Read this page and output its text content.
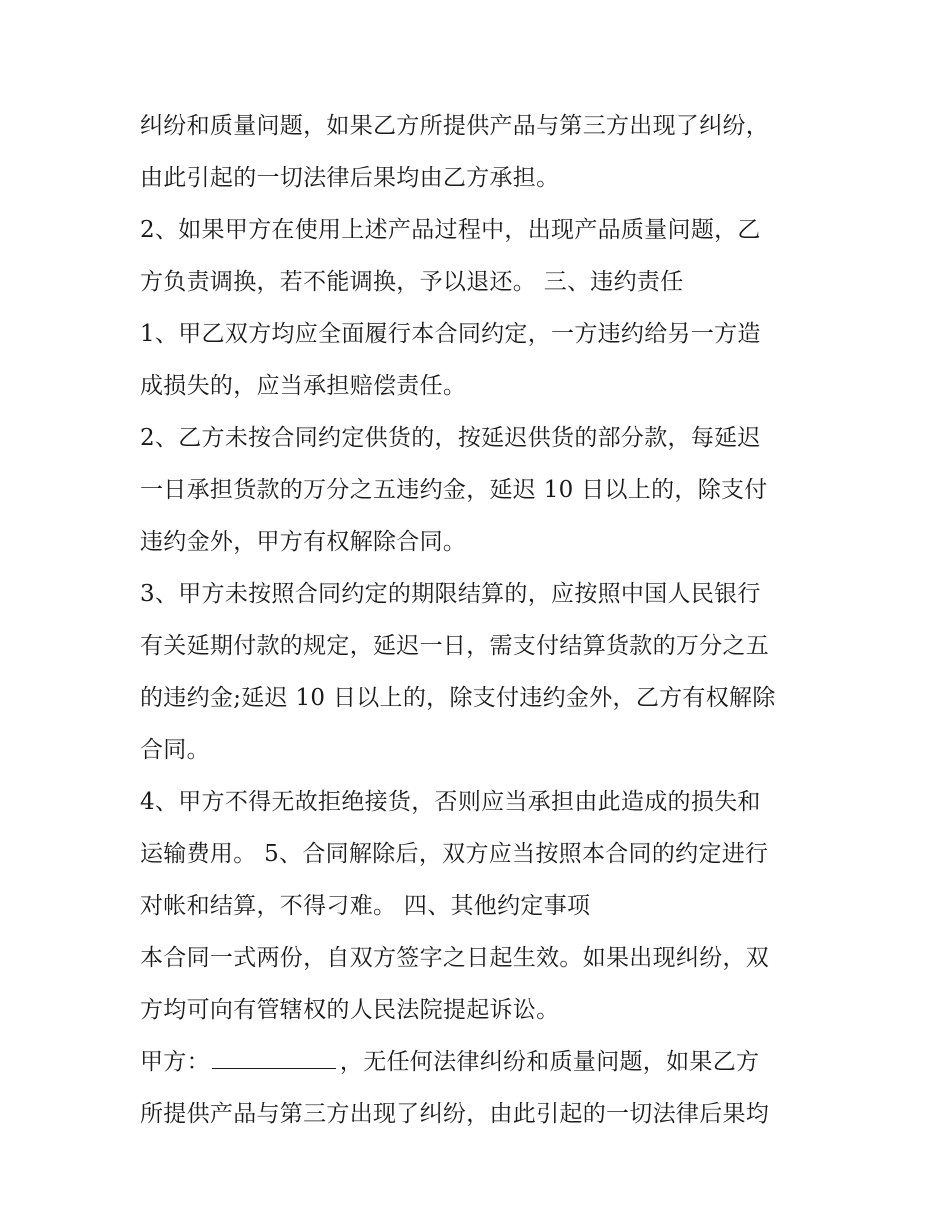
纠纷和质量问题，如果乙方所提供产品与第三方出现了纠纷，
由此引起的一切法律后果均由乙方承担。
2、如果甲方在使用上述产品过程中，出现产品质量问题，乙
方负责调换，若不能调换，予以退还。 三、违约责任
1、甲乙双方均应全面履行本合同约定，一方违约给另一方造
成损失的，应当承担赔偿责任。
2、乙方未按合同约定供货的，按延迟供货的部分款，每延迟
一日承担货款的万分之五违约金，延迟 10 日以上的，除支付
违约金外，甲方有权解除合同。
3、甲方未按照合同约定的期限结算的，应按照中国人民银行
有关延期付款的规定，延迟一日，需支付结算货款的万分之五
的违约金;延迟 10 日以上的，除支付违约金外，乙方有权解除
合同。
4、甲方不得无故拒绝接货，否则应当承担由此造成的损失和
运输费用。 5、合同解除后，双方应当按照本合同的约定进行
对帐和结算，不得刁难。 四、其他约定事项
本合同一式两份，自双方签字之日起生效。如果出现纠纷，双
方均可向有管辖权的人民法院提起诉讼。
甲方：	，无任何法律纠纷和质量问题，如果乙方
所提供产品与第三方出现了纠纷，由此引起的一切法律后果均
